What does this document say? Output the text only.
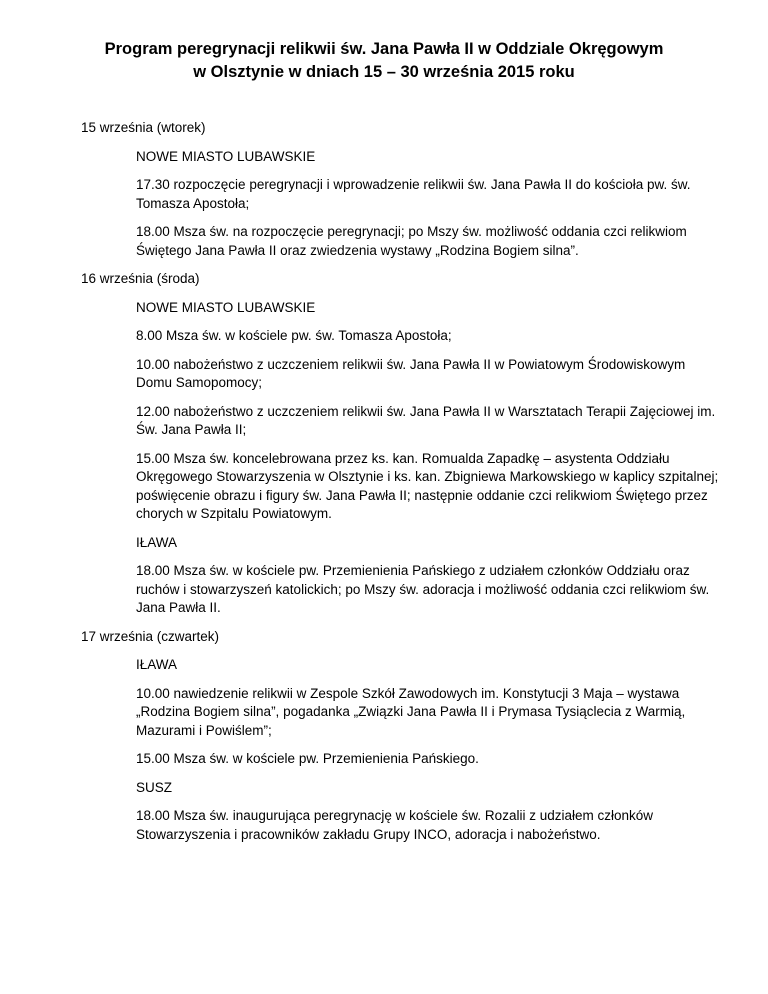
Program peregrynacji relikwii św. Jana Pawła II w Oddziale Okręgowym
w Olsztynie w dniach 15 – 30 września 2015 roku
15 września (wtorek)
NOWE MIASTO LUBAWSKIE
17.30 rozpoczęcie peregrynacji i wprowadzenie relikwii św. Jana Pawła II do kościoła pw. św. Tomasza Apostoła;
18.00 Msza św. na rozpoczęcie peregrynacji; po Mszy św. możliwość oddania czci relikwiom Świętego Jana Pawła II oraz zwiedzenia wystawy „Rodzina Bogiem silna”.
16 września (środa)
NOWE MIASTO LUBAWSKIE
8.00 Msza św. w kościele pw. św. Tomasza Apostoła;
10.00 nabożeństwo z uczczeniem relikwii św. Jana Pawła II w Powiatowym Środowiskowym Domu Samopomocy;
12.00 nabożeństwo z uczczeniem relikwii św. Jana Pawła II w Warsztatach Terapii Zajęciowej im. Św. Jana Pawła II;
15.00 Msza św. koncelebrowana przez ks. kan. Romualda Zapadkę – asystenta Oddziału Okręgowego Stowarzyszenia w Olsztynie i ks. kan. Zbigniewa Markowskiego w kaplicy szpitalnej; poświęcenie obrazu i figury św. Jana Pawła II; następnie oddanie czci relikwiom Świętego przez chorych w Szpitalu Powiatowym.
IŁAWA
18.00 Msza św. w kościele pw. Przemienienia Pańskiego z udziałem członków Oddziału oraz ruchów i stowarzyszeń katolickich; po Mszy św. adoracja i możliwość oddania czci relikwiom św. Jana Pawła II.
17 września (czwartek)
IŁAWA
10.00 nawiedzenie relikwii w Zespole Szkół Zawodowych im. Konstytucji 3 Maja – wystawa „Rodzina Bogiem silna”, pogadanka „Związki Jana Pawła II i Prymasa Tysiąclecia z Warmią, Mazurami i Powiślem”;
15.00 Msza św. w kościele pw. Przemienienia Pańskiego.
SUSZ
18.00 Msza św. inaugurująca peregrynację w kościele św. Rozalii z udziałem członków Stowarzyszenia i pracowników zakładu Grupy INCO, adoracja i nabożeństwo.
